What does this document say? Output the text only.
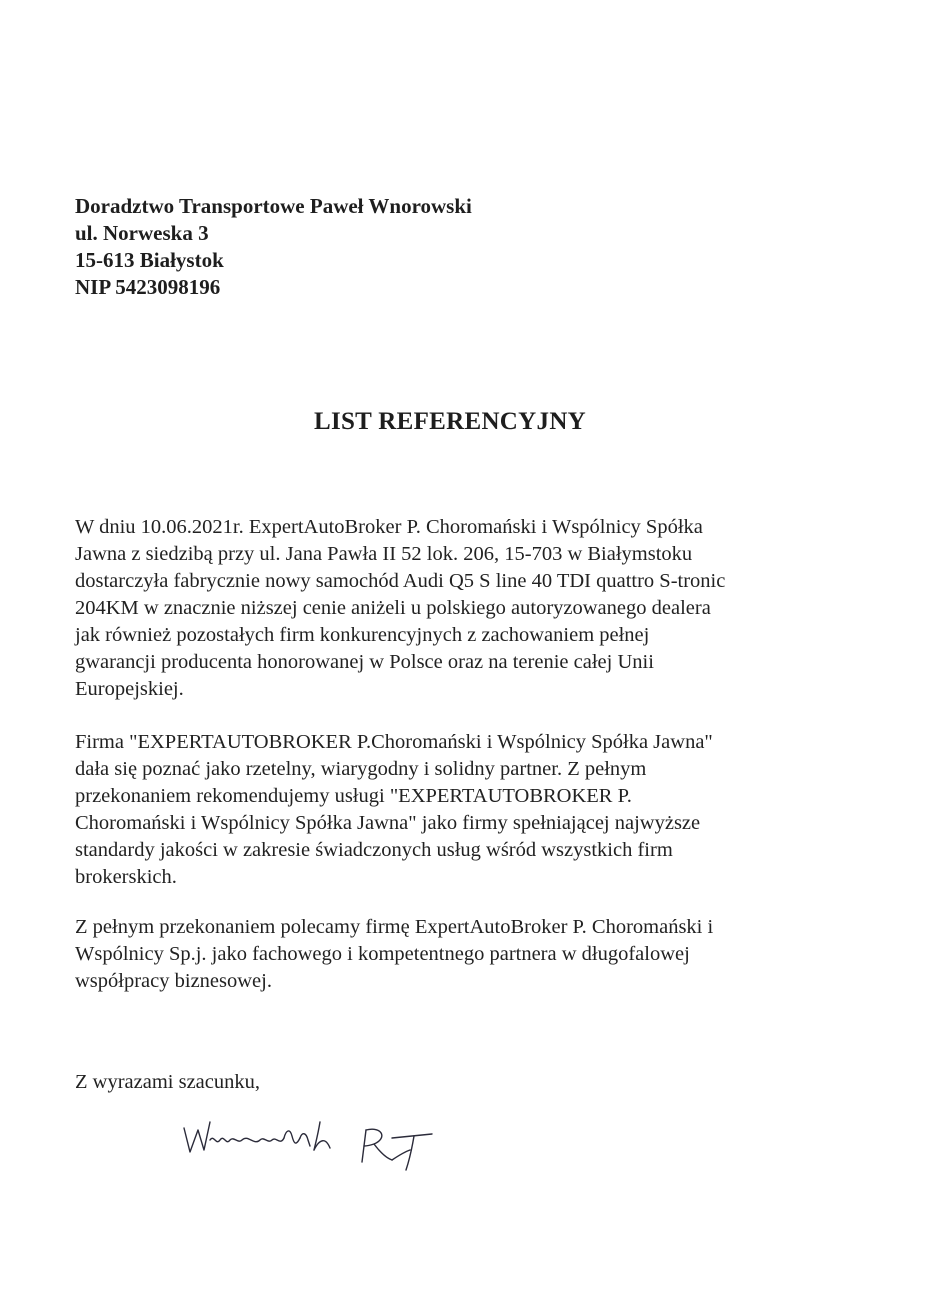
Doradztwo Transportowe Paweł Wnorowski
ul. Norweska 3
15-613 Białystok
NIP 5423098196
LIST REFERENCYJNY
W dniu 10.06.2021r. ExpertAutoBroker P. Choromański i Wspólnicy Spółka
Jawna z siedzibą przy ul. Jana Pawła II 52 lok. 206, 15-703 w Białymstoku
dostarczyła fabrycznie nowy samochód Audi Q5 S line 40 TDI quattro S-tronic
204KM w znacznie niższej cenie aniżeli u polskiego autoryzowanego dealera
jak również pozostałych firm konkurencyjnych z zachowaniem pełnej
gwarancji producenta honorowanej w Polsce oraz na terenie całej Unii
Europejskiej.
Firma "EXPERTAUTOBROKER P.Choromański i Wspólnicy Spółka Jawna"
dała się poznać jako rzetelny, wiarygodny i solidny partner. Z pełnym
przekonaniem rekomendujemy usługi "EXPERTAUTOBROKER P.
Choromański i Wspólnicy Spółka Jawna" jako firmy spełniającej najwyższe
standardy jakości w zakresie świadczonych usług wśród wszystkich firm
brokerskich.
Z pełnym przekonaniem polecamy firmę ExpertAutoBroker P. Choromański i
Wspólnicy Sp.j. jako fachowego i kompetentnego partnera w długofalowej
współpracy biznesowej.
Z wyrazami szacunku,
